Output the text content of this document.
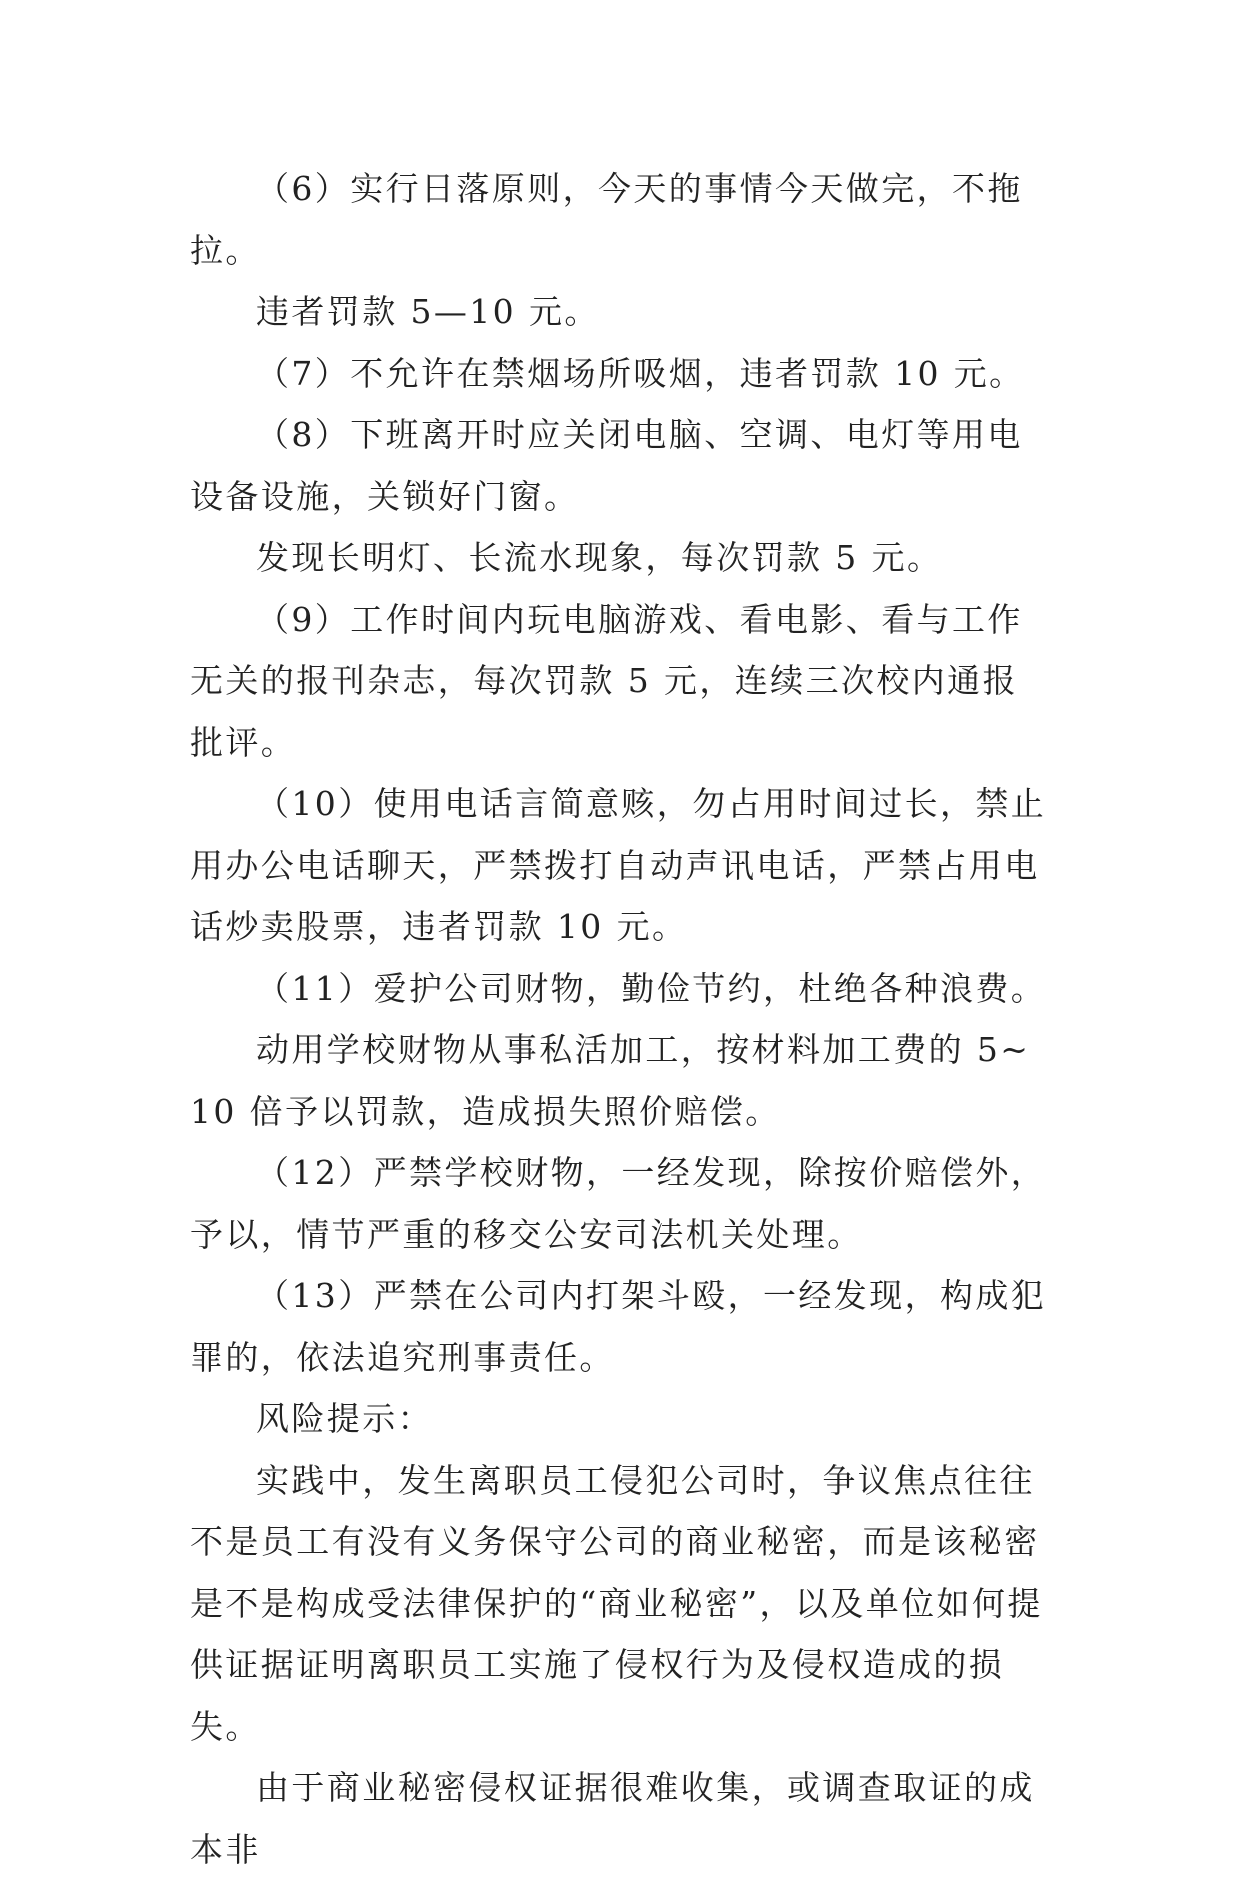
（6）实行日落原则，今天的事情今天做完，不拖拉。

违者罚款 5—10 元。

（7）不允许在禁烟场所吸烟，违者罚款 10 元。

（8）下班离开时应关闭电脑、空调、电灯等用电设备设施，关锁好门窗。

发现长明灯、长流水现象，每次罚款 5 元。

（9）工作时间内玩电脑游戏、看电影、看与工作无关的报刊杂志，每次罚款 5 元，连续三次校内通报批评。

（10）使用电话言简意赅，勿占用时间过长，禁止用办公电话聊天，严禁拨打自动声讯电话，严禁占用电话炒卖股票，违者罚款 10 元。

（11）爱护公司财物，勤俭节约，杜绝各种浪费。

动用学校财物从事私活加工，按材料加工费的 5~10 倍予以罚款，造成损失照价赔偿。

（12）严禁学校财物，一经发现，除按价赔偿外，予以，情节严重的移交公安司法机关处理。

（13）严禁在公司内打架斗殴，一经发现，构成犯罪的，依法追究刑事责任。

风险提示：

实践中，发生离职员工侵犯公司时，争议焦点往往不是员工有没有义务保守公司的商业秘密，而是该秘密是不是构成受法律保护的“商业秘密”，以及单位如何提供证据证明离职员工实施了侵权行为及侵权造成的损失。

由于商业秘密侵权证据很难收集，或调查取证的成本非
